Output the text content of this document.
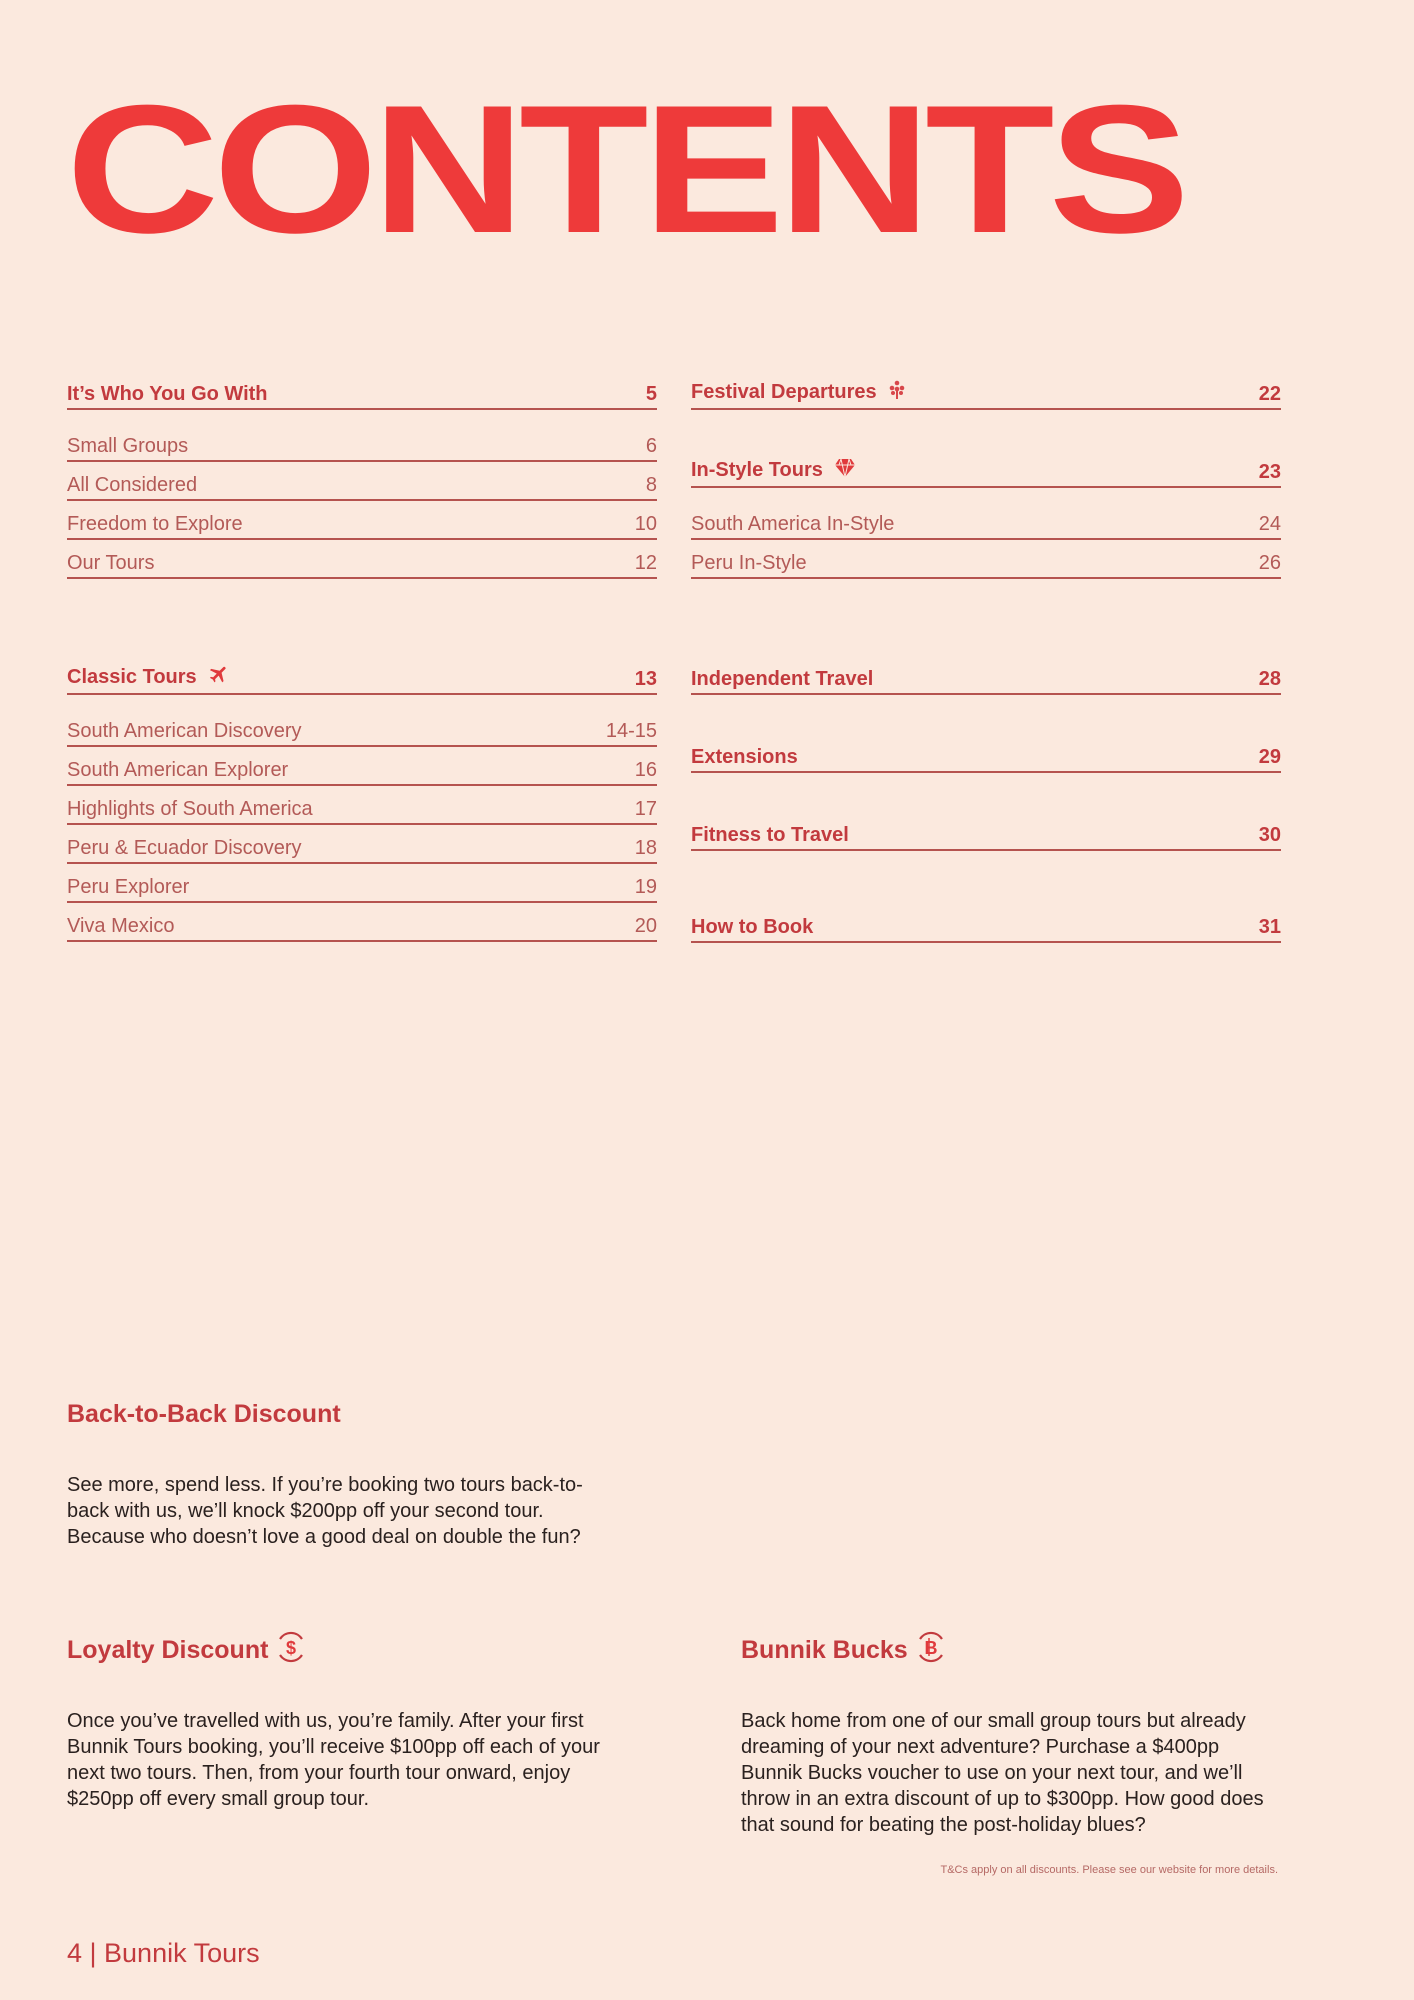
CONTENTS
It’s Who You Go With	5
Small Groups	6
All Considered	8
Freedom to Explore	10
Our Tours	12
Classic Tours	13
South American Discovery	14-15
South American Explorer	16
Highlights of South America	17
Peru & Ecuador Discovery	18
Peru Explorer	19
Viva Mexico	20
Festival Departures	22
In-Style Tours	23
South America In-Style	24
Peru In-Style	26
Independent Travel	28
Extensions	29
Fitness to Travel	30
How to Book	31
Back-to-Back Discount

See more, spend less. If you’re booking two tours back-to-back with us, we’ll knock $200pp off your second tour. Because who doesn’t love a good deal on double the fun?

Loyalty Discount $

Once you’ve travelled with us, you’re family. After your first Bunnik Tours booking, you’ll receive $100pp off each of your next two tours. Then, from your fourth tour onward, enjoy $250pp off every small group tour.

Bunnik Bucks B

Back home from one of our small group tours but already dreaming of your next adventure? Purchase a $400pp Bunnik Bucks voucher to use on your next tour, and we’ll throw in an extra discount of up to $300pp. How good does that sound for beating the post-holiday blues?

T&Cs apply on all discounts. Please see our website for more details.
4 | Bunnik Tours
